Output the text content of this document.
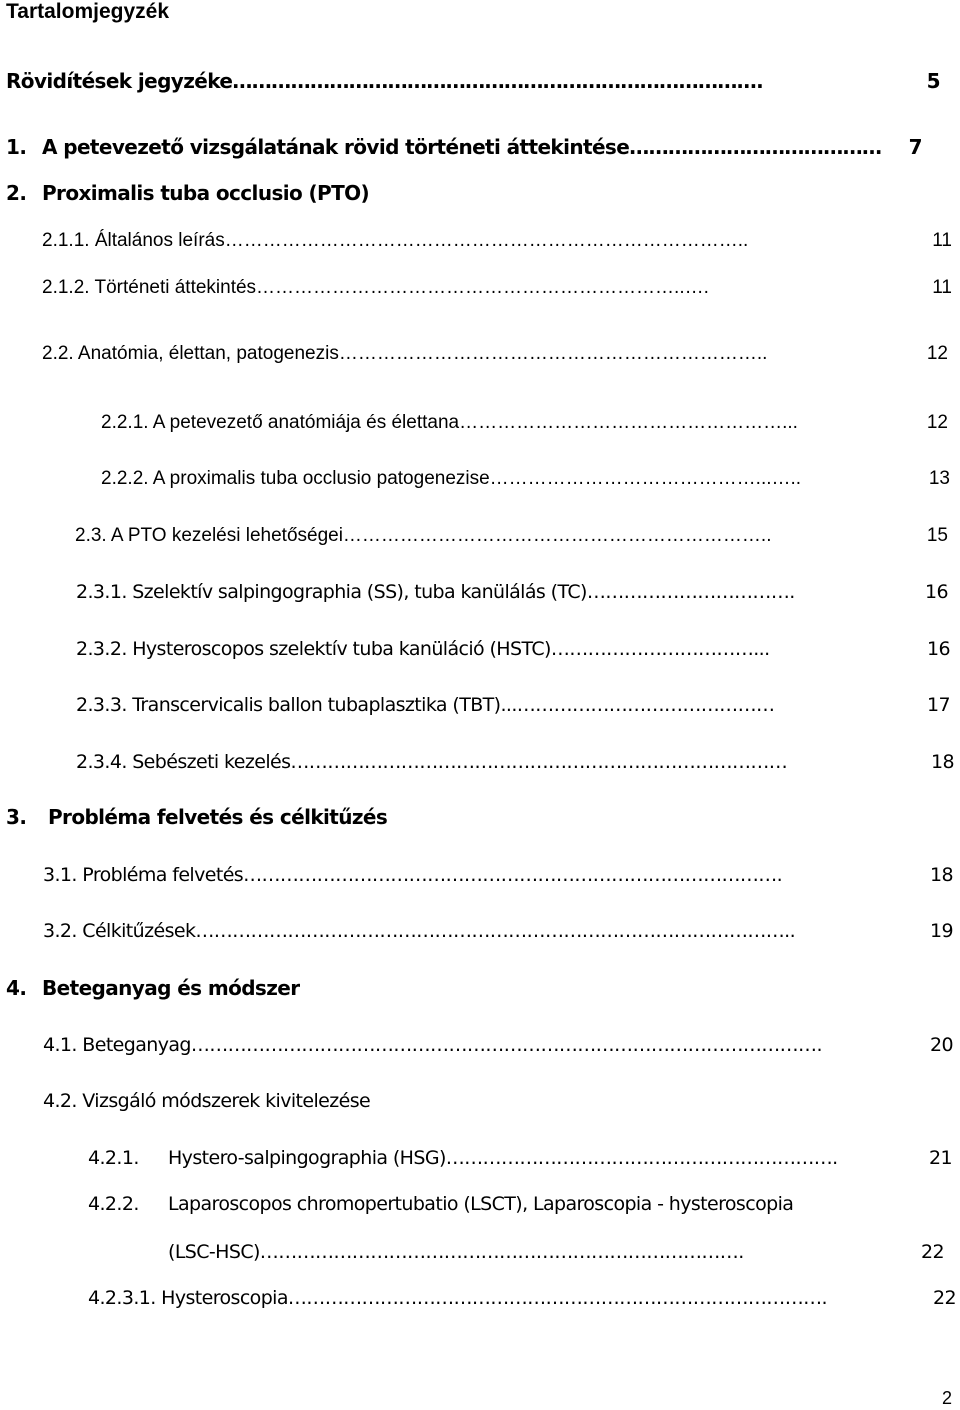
Tartalomjegyzék
Rövidítések jegyzéke……………………………………………………………………….	5
1. A petevezető vizsgálatának rövid történeti áttekintése………………………………… 7
2. Proximalis tuba occlusio (PTO)
2.1.1. Általános leírás………………………………………………………………………..	11
2.1.2. Történeti áttekintés…………………………………………………………..….	11
2.2. Anatómia, élettan, patogenezis…………………………………………………………..	12
2.2.1. A petevezető anatómiája és élettana……………………………………………...	12
2.2.2. A proximalis tuba occlusio patogenezise……………………………………...…..	13
2.3. A PTO kezelési lehetőségei…………………………………………………………..	15
2.3.1. Szelektív salpingographia (SS), tuba kanülálás (TC)…………………………….	16
2.3.2. Hysteroscopos szelektív tuba kanüláció (HSTC)……………………………...	16
2.3.3. Transcervicalis ballon tubaplasztika (TBT)...……………………………………	17
2.3.4. Sebészeti kezelés………………………………………………………………………	18
3. Probléma felvetés és célkitűzés
3.1. Probléma felvetés…………………………………………………………………………….	18
3.2. Célkitűzések……………………………………………………………………………………..	19
4. Beteganyag és módszer
4.1. Beteganyag………………………………………………………………………………………….	20
4.2. Vizsgáló módszerek kivitelezése
4.2.1. Hystero-salpingographia (HSG)……………………………………………………….	21
4.2.2. Laparoscopos chromopertubatio (LSCT), Laparoscopia - hysteroscopia
(LSC-HSC)…………………………………………………………………….	22
4.2.3.1. Hysteroscopia…………………………………………………………………………….	22
2
